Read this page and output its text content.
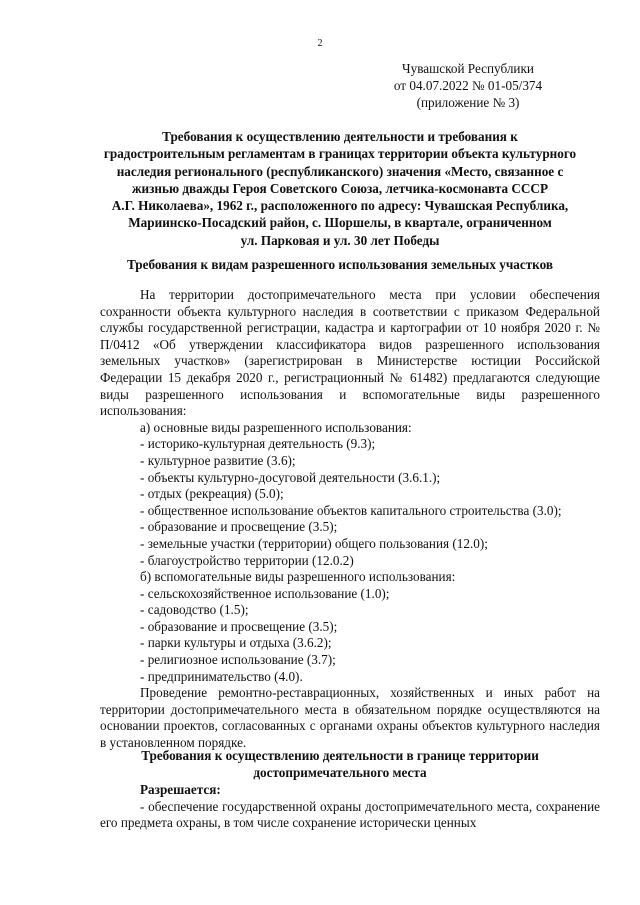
2
Чувашской Республики
от 04.07.2022 № 01-05/374
(приложение № 3)
Требования к осуществлению деятельности и требования к
градостроительным регламентам в границах территории объекта культурного
наследия регионального (республиканского) значения «Место, связанное с
жизнью дважды Героя Советского Союза, летчика-космонавта СССР
А.Г. Николаева», 1962 г., расположенного по адресу: Чувашская Республика,
Мариинско-Посадский район, с. Шоршелы, в квартале, ограниченном
ул. Парковая и ул. 30 лет Победы
Требования к видам разрешенного использования земельных участков

На территории достопримечательного места при условии обеспечения сохранности объекта культурного наследия в соответствии с приказом Федеральной службы государственной регистрации, кадастра и картографии от 10 ноября 2020 г. № П/0412 «Об утверждении классификатора видов разрешенного использования земельных участков» (зарегистрирован в Министерстве юстиции Российской Федерации 15 декабря 2020 г., регистрационный № 61482) предлагаются следующие виды разрешенного использования и вспомогательные виды разрешенного использования:

а) основные виды разрешенного использования:

- историко-культурная деятельность (9.3);

- культурное развитие (3.6);

- объекты культурно-досуговой деятельности (3.6.1.);

- отдых (рекреация) (5.0);

- общественное использование объектов капитального строительства (3.0);

- образование и просвещение (3.5);

- земельные участки (территории) общего пользования (12.0);

- благоустройство территории (12.0.2)

б) вспомогательные виды разрешенного использования:

- сельскохозяйственное использование (1.0);

- садоводство (1.5);

- образование и просвещение (3.5);

- парки культуры и отдыха (3.6.2);

- религиозное использование (3.7);

- предпринимательство (4.0).

Проведение ремонтно-реставрационных, хозяйственных и иных работ на территории достопримечательного места в обязательном порядке осуществляются на основании проектов, согласованных с органами охраны объектов культурного наследия в установленном порядке.

Требования к осуществлению деятельности в границе территории
достопримечательного места

Разрешается:

- обеспечение государственной охраны достопримечательного места, сохранение его предмета охраны, в том числе сохранение исторически ценных
